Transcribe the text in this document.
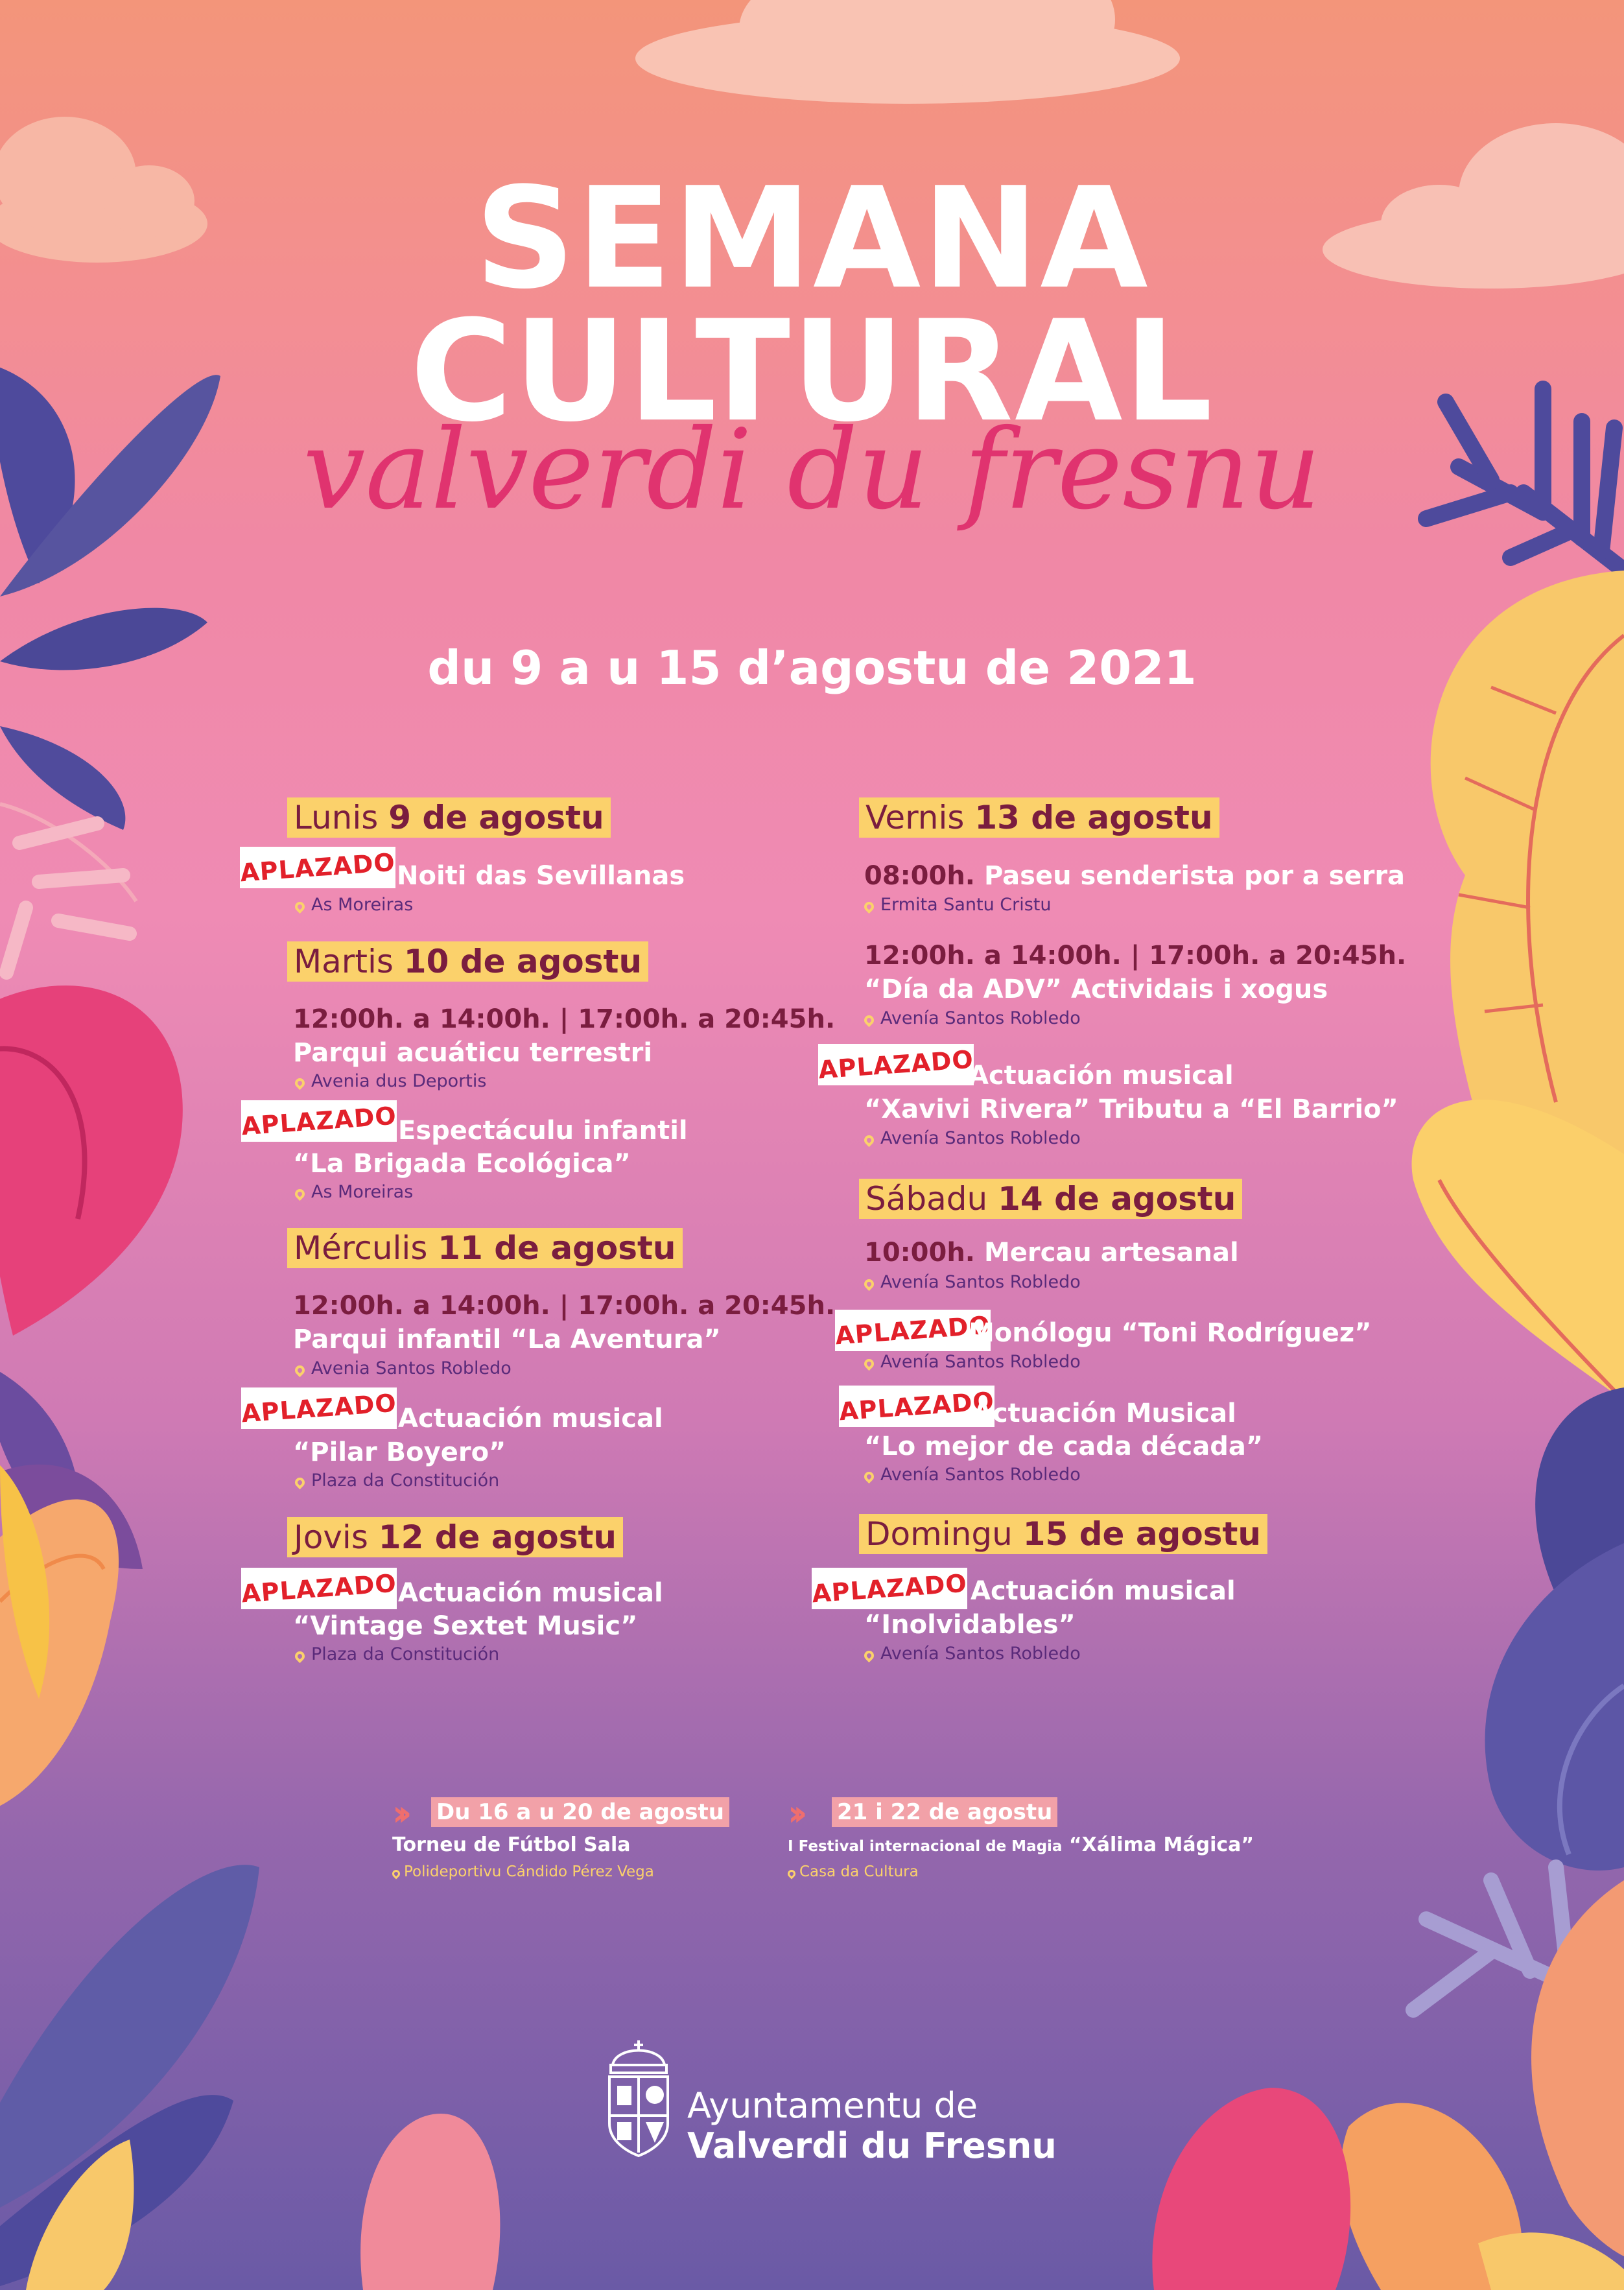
SEMANA
CULTURAL
valverdi du fresnu
du 9 a u 15 d’agostu de 2021
Lunis 9 de agostu
APLAZADO Noiti das Sevillanas
As Moreiras
Martis 10 de agostu
12:00h. a 14:00h. | 17:00h. a 20:45h.
Parqui acuáticu terrestri
Avenia dus Deportis
APLAZADO Espectáculu infantil
“La Brigada Ecológica”
As Moreiras
Mérculis 11 de agostu
12:00h. a 14:00h. | 17:00h. a 20:45h.
Parqui infantil “La Aventura”
Avenia Santos Robledo
APLAZADO Actuación musical
“Pilar Boyero”
Plaza da Constitución
Jovis 12 de agostu
APLAZADO Actuación musical
“Vintage Sextet Music”
Plaza da Constitución
Vernis 13 de agostu
08:00h. Paseu senderista por a serra
Ermita Santu Cristu
12:00h. a 14:00h. | 17:00h. a 20:45h.
“Día da ADV” Actividais i xogus
Avenía Santos Robledo
APLAZADO
Actuación musical
“Xavivi Rivera” Tributu a “El Barrio”
Avenía Santos Robledo
Sábadu 14 de agostu
10:00h. Mercau artesanal
Avenía Santos Robledo
APLAZADO
Monólogu “Toni Rodríguez”
Avenía Santos Robledo
APLAZADO
Actuación Musical
“Lo mejor de cada década”
Avenía Santos Robledo
Domingu 15 de agostu
APLAZADO Actuación musical
“Inolvidables”
Avenía Santos Robledo
›› Du 16 a u 20 de agostu
Torneu de Fútbol Sala
Polideportivu Cándido Pérez Vega
›› 21 i 22 de agostu
I Festival internacional de Magia “Xálima Mágica”
Casa da Cultura
Ayuntamentu de
Valverdi du Fresnu
